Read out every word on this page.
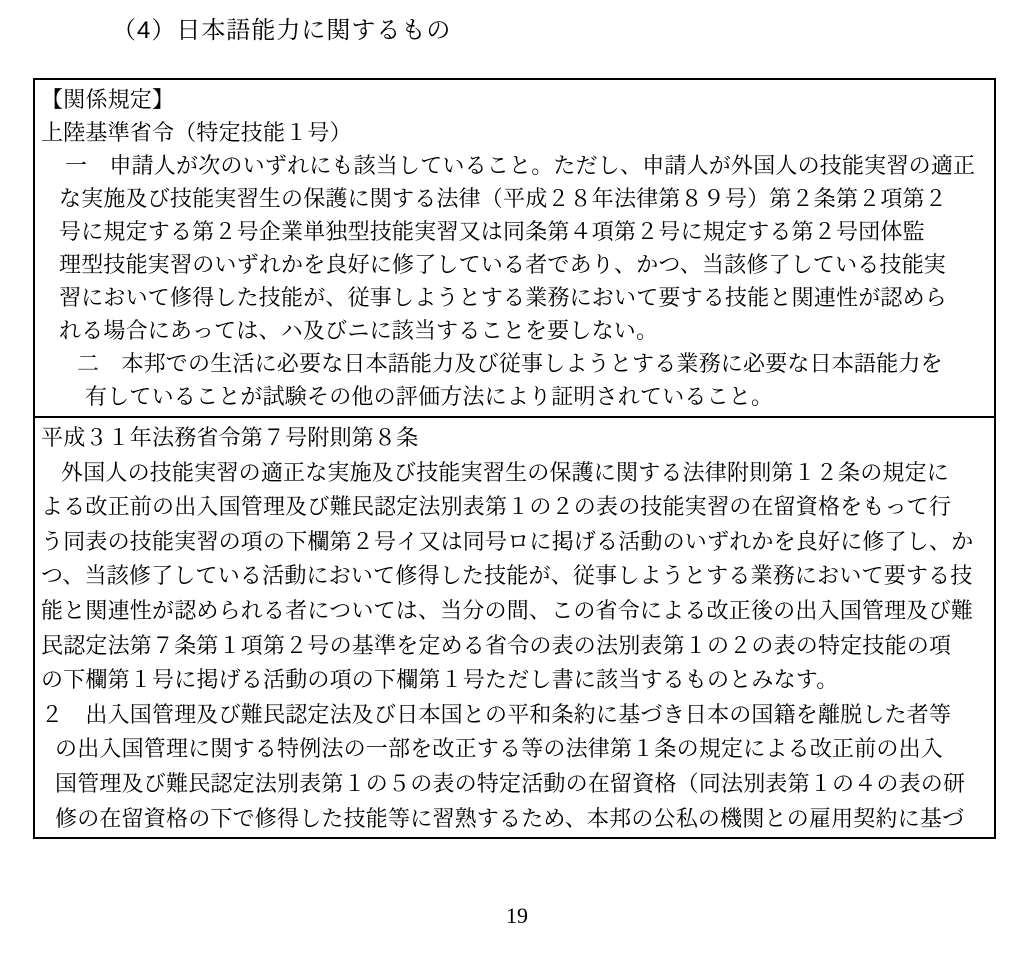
（4）日本語能力に関するもの
【関係規定】
上陸基準省令（特定技能１号）
一　申請人が次のいずれにも該当していること。ただし、申請人が外国人の技能実習の適正
な実施及び技能実習生の保護に関する法律（平成２８年法律第８９号）第２条第２項第２
号に規定する第２号企業単独型技能実習又は同条第４項第２号に規定する第２号団体監
理型技能実習のいずれかを良好に修了している者であり、かつ、当該修了している技能実
習において修得した技能が、従事しようとする業務において要する技能と関連性が認めら
れる場合にあっては、ハ及びニに該当することを要しない。
二　本邦での生活に必要な日本語能力及び従事しようとする業務に必要な日本語能力を
有していることが試験その他の評価方法により証明されていること。
平成３１年法務省令第７号附則第８条
外国人の技能実習の適正な実施及び技能実習生の保護に関する法律附則第１２条の規定に
よる改正前の出入国管理及び難民認定法別表第１の２の表の技能実習の在留資格をもって行
う同表の技能実習の項の下欄第２号イ又は同号ロに掲げる活動のいずれかを良好に修了し、か
つ、当該修了している活動において修得した技能が、従事しようとする業務において要する技
能と関連性が認められる者については、当分の間、この省令による改正後の出入国管理及び難
民認定法第７条第１項第２号の基準を定める省令の表の法別表第１の２の表の特定技能の項
の下欄第１号に掲げる活動の項の下欄第１号ただし書に該当するものとみなす。
２　出入国管理及び難民認定法及び日本国との平和条約に基づき日本の国籍を離脱した者等
の出入国管理に関する特例法の一部を改正する等の法律第１条の規定による改正前の出入
国管理及び難民認定法別表第１の５の表の特定活動の在留資格（同法別表第１の４の表の研
修の在留資格の下で修得した技能等に習熟するため、本邦の公私の機関との雇用契約に基づ
19
